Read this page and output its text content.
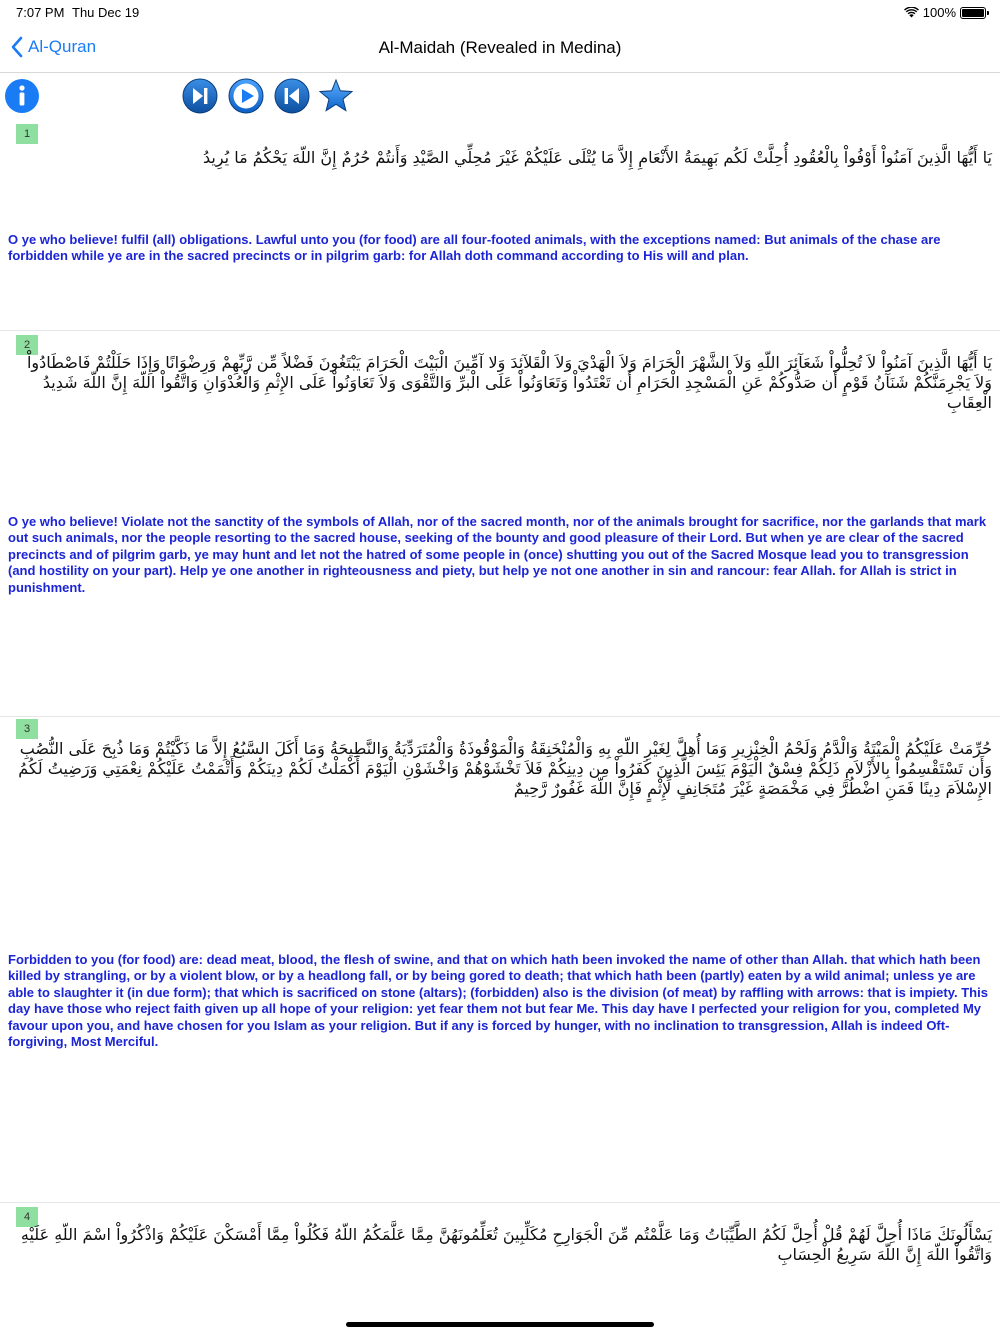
7:07 PM Thu Dec 19	100%
Al-Quran	Al-Maidah (Revealed in Medina)
1
يَا أَيُّهَا الَّذِينَ آمَنُواْ أَوْفُواْ بِالْعُقُودِ أُحِلَّتْ لَكُم بَهِيمَةُ الأَنْعَامِ إِلاَّ مَا يُتْلَى عَلَيْكُمْ غَيْرَ مُحِلِّي الصَّيْدِ وَأَنتُمْ حُرُمٌ إِنَّ اللّهَ يَحْكُمُ مَا يُرِيدُ
O ye who believe! fulfil (all) obligations. Lawful unto you (for food) are all four-footed animals, with the exceptions named: But animals of the chase are forbidden while ye are in the sacred precincts or in pilgrim garb: for Allah doth command according to His will and plan.
2
يَا أَيُّهَا الَّذِينَ آمَنُواْ لاَ تُحِلُّواْ شَعَآئِرَ اللّهِ وَلاَ الشَّهْرَ الْحَرَامَ وَلاَ الْهَدْيَ وَلاَ الْقَلآئِدَ وَلا آمِّينَ الْبَيْتَ الْحَرَامَ يَبْتَغُونَ فَضْلاً مِّن رَّبِّهِمْ وَرِضْوَانًا وَإِذَا حَلَلْتُمْ فَاصْطَادُواْ وَلاَ يَجْرِمَنَّكُمْ شَنَآنُ قَوْمٍ أَن صَدُّوكُمْ عَنِ الْمَسْجِدِ الْحَرَامِ أَن تَعْتَدُواْ وَتَعَاوَنُواْ عَلَى الْبرِّ وَالتَّقْوَى وَلاَ تَعَاوَنُواْ عَلَى الإِثْمِ وَالْعُدْوَانِ وَاتَّقُواْ اللّهَ إِنَّ اللّهَ شَدِيدُ الْعِقَابِ
O ye who believe! Violate not the sanctity of the symbols of Allah, nor of the sacred month, nor of the animals brought for sacrifice, nor the garlands that mark out such animals, nor the people resorting to the sacred house, seeking of the bounty and good pleasure of their Lord. But when ye are clear of the sacred precincts and of pilgrim garb, ye may hunt and let not the hatred of some people in (once) shutting you out of the Sacred Mosque lead you to transgression (and hostility on your part). Help ye one another in righteousness and piety, but help ye not one another in sin and rancour: fear Allah. for Allah is strict in punishment.
3
حُرِّمَتْ عَلَيْكُمُ الْمَيْتَةُ وَالْدَّمُ وَلَحْمُ الْخِنْزِيرِ وَمَا أُهِلَّ لِغَيْرِ اللّهِ بِهِ وَالْمُنْخَنِقَةُ وَالْمَوْقُوذَةُ وَالْمُتَرَدِّيَةُ وَالنَّطِيحَةُ وَمَا أَكَلَ السَّبُعُ إِلاَّ مَا ذَكَّيْتُمْ وَمَا ذُبِحَ عَلَى النُّصُبِ وَأَن تَسْتَقْسِمُواْ بِالأَزْلاَمِ ذَلِكُمْ فِسْقٌ الْيَوْمَ يَئِسَ الَّذِينَ كَفَرُواْ مِن دِينِكُمْ فَلاَ تَخْشَوْهُمْ وَاخْشَوْنِ الْيَوْمَ أَكْمَلْتُ لَكُمْ دِينَكُمْ وَأَتْمَمْتُ عَلَيْكُمْ نِعْمَتِي وَرَضِيتُ لَكُمُ الإِسْلاَمَ دِينًا فَمَنِ اضْطُرَّ فِي مَخْمَصَةٍ غَيْرَ مُتَجَانِفٍ لِّإِثْمٍ فَإِنَّ اللّهَ غَفُورٌ رَّحِيمٌ
Forbidden to you (for food) are: dead meat, blood, the flesh of swine, and that on which hath been invoked the name of other than Allah. that which hath been killed by strangling, or by a violent blow, or by a headlong fall, or by being gored to death; that which hath been (partly) eaten by a wild animal; unless ye are able to slaughter it (in due form); that which is sacrificed on stone (altars); (forbidden) also is the division (of meat) by raffling with arrows: that is impiety. This day have those who reject faith given up all hope of your religion: yet fear them not but fear Me. This day have I perfected your religion for you, completed My favour upon you, and have chosen for you Islam as your religion. But if any is forced by hunger, with no inclination to transgression, Allah is indeed Oft-forgiving, Most Merciful.
4
يَسْأَلُونَكَ مَاذَا أُحِلَّ لَهُمْ قُلْ أُحِلَّ لَكُمُ الطَّيِّبَاتُ وَمَا عَلَّمْتُم مِّنَ الْجَوَارِحِ مُكَلِّبِينَ تُعَلِّمُونَهُنَّ مِمَّا عَلَّمَكُمُ اللّهُ فَكُلُواْ مِمَّا أَمْسَكْنَ عَلَيْكُمْ وَاذْكُرُواْ اسْمَ اللّهِ عَلَيْهِ وَاتَّقُواْ اللّهَ إِنَّ اللّهَ سَرِيعُ الْحِسَابِ
